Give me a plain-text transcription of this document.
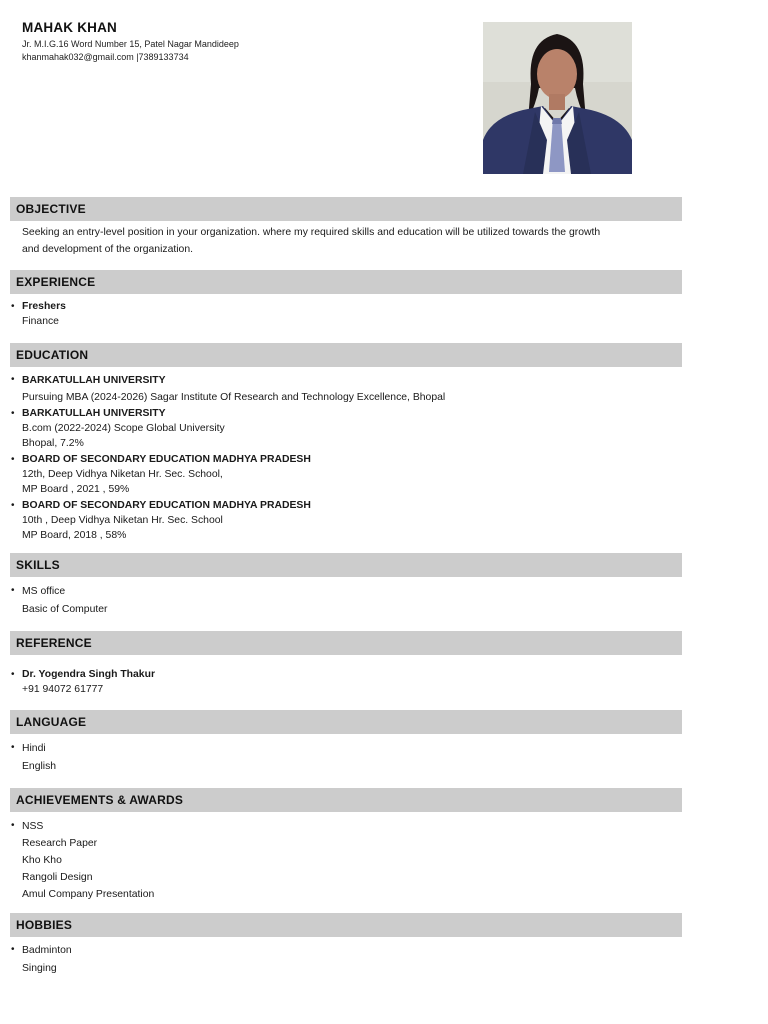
MAHAK KHAN
Jr. M.I.G.16 Word Number 15, Patel Nagar Mandideep
khanmahak032@gmail.com |7389133734
OBJECTIVE
Seeking an entry-level position in your organization. where my required skills and education will be utilized towards the growth
and development of the organization.
EXPERIENCE
• Freshers
Finance
EDUCATION
• BARKATULLAH UNIVERSITY
Pursuing MBA (2024-2026) Sagar Institute Of Research and Technology Excellence, Bhopal
• BARKATULLAH UNIVERSITY
B.com (2022-2024) Scope Global University
Bhopal, 7.2%
• BOARD OF SECONDARY EDUCATION MADHYA PRADESH
12th, Deep Vidhya Niketan Hr. Sec. School,
MP Board , 2021 , 59%
• BOARD OF SECONDARY EDUCATION MADHYA PRADESH
10th , Deep Vidhya Niketan Hr. Sec. School
MP Board, 2018 , 58%
SKILLS
• MS office
Basic of Computer
REFERENCE
• Dr. Yogendra Singh Thakur
+91 94072 61777
LANGUAGE
• Hindi
English
ACHIEVEMENTS & AWARDS
• NSS
Research Paper
Kho Kho
Rangoli Design
Amul Company Presentation
HOBBIES
• Badminton
Singing
